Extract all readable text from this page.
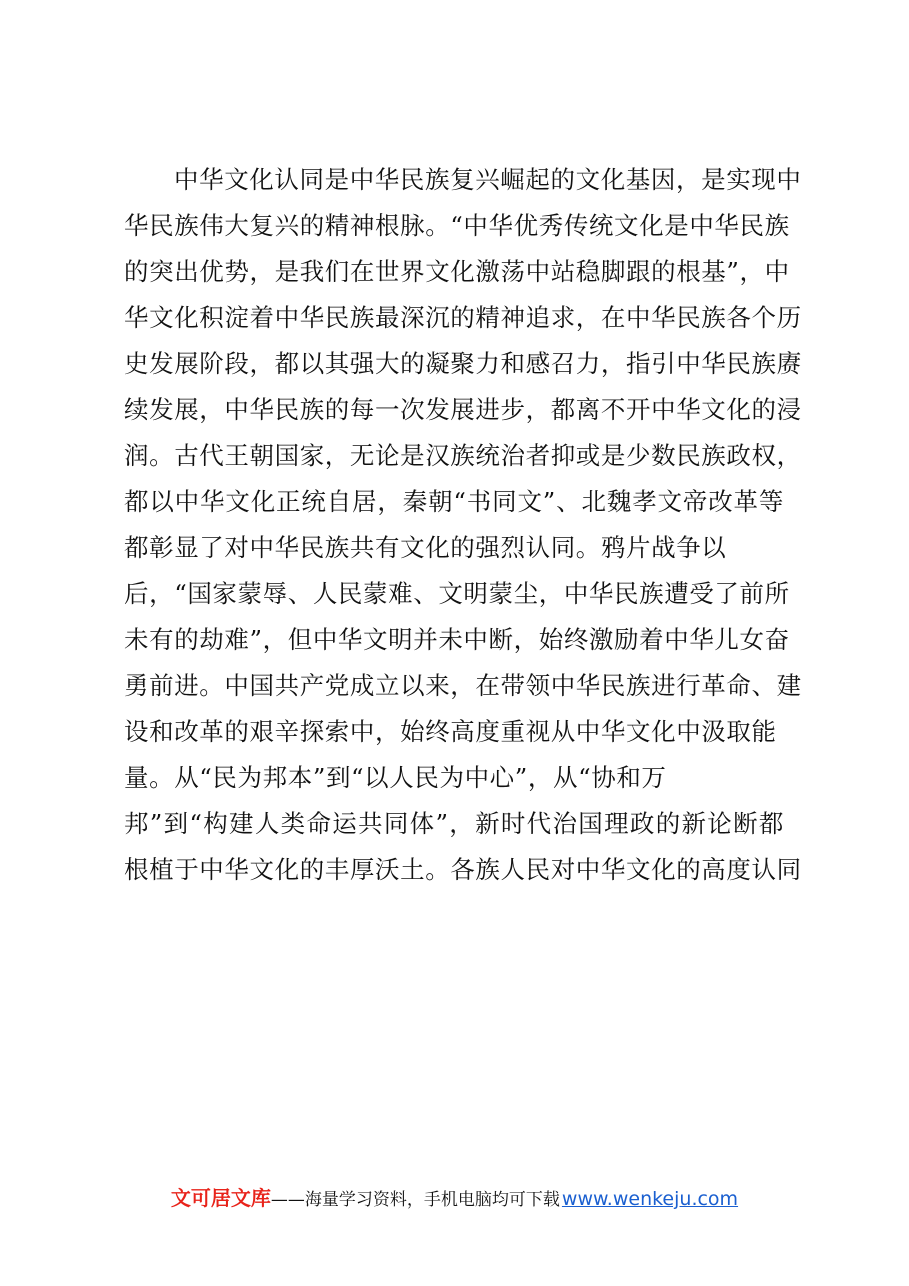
中华文化认同是中华民族复兴崛起的文化基因，是实现中
华民族伟大复兴的精神根脉。“中华优秀传统文化是中华民族
的突出优势，是我们在世界文化激荡中站稳脚跟的根基”，中
华文化积淀着中华民族最深沉的精神追求，在中华民族各个历
史发展阶段，都以其强大的凝聚力和感召力，指引中华民族赓
续发展，中华民族的每一次发展进步，都离不开中华文化的浸
润。古代王朝国家，无论是汉族统治者抑或是少数民族政权，
都以中华文化正统自居，秦朝“书同文”、北魏孝文帝改革等
都彰显了对中华民族共有文化的强烈认同。鸦片战争以
后，“国家蒙辱、人民蒙难、文明蒙尘，中华民族遭受了前所
未有的劫难”，但中华文明并未中断，始终激励着中华儿女奋
勇前进。中国共产党成立以来，在带领中华民族进行革命、建
设和改革的艰辛探索中，始终高度重视从中华文化中汲取能
量。从“民为邦本”到“以人民为中心”，从“协和万
邦”到“构建人类命运共同体”，新时代治国理政的新论断都
根植于中华文化的丰厚沃土。各族人民对中华文化的高度认同
文可居文库——海量学习资料，手机电脑均可下载 www.wenkeju.com
